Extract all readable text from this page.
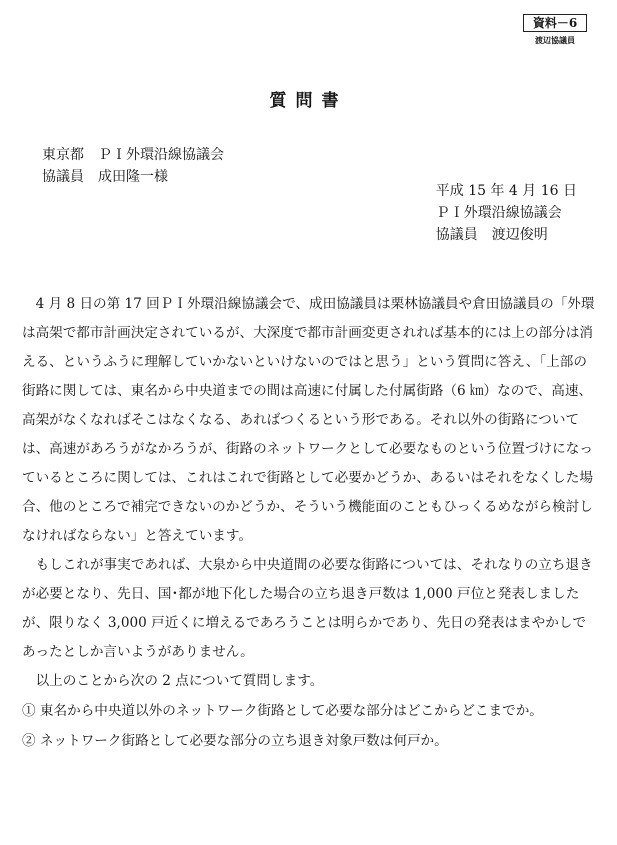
資料－6
渡辺協議員
質問書
東京都　ＰＩ外環沿線協議会
協議員　成田隆一様
平成 15 年 4 月 16 日
ＰＩ外環沿線協議会
協議員　渡辺俊明

　4 月 8 日の第 17 回ＰＩ外環沿線協議会で、成田協議員は栗林協議員や倉田協議員の「外環は高架で都市計画決定されているが、大深度で都市計画変更されれば基本的には上の部分は消える、というふうに理解していかないといけないのではと思う」という質問に答え、「上部の街路に関しては、東名から中央道までの間は高速に付属した付属街路（6 ㎞）なので、高速、高架がなくなればそこはなくなる、あればつくるという形である。それ以外の街路については、高速があろうがなかろうが、街路のネットワークとして必要なものという位置づけになっているところに関しては、これはこれで街路として必要かどうか、あるいはそれをなくした場合、他のところで補完できないのかどうか、そういう機能面のこともひっくるめながら検討しなければならない」と答えています。

　もしこれが事実であれば、大泉から中央道間の必要な街路については、それなりの立ち退きが必要となり、先日、国･都が地下化した場合の立ち退き戸数は 1,000 戸位と発表しましたが、限りなく 3,000 戸近くに増えるであろうことは明らかであり、先日の発表はまやかしであったとしか言いようがありません。

　以上のことから次の 2 点について質問します。

① 東名から中央道以外のネットワーク街路として必要な部分はどこからどこまでか。
② ネットワーク街路として必要な部分の立ち退き対象戸数は何戸か。
